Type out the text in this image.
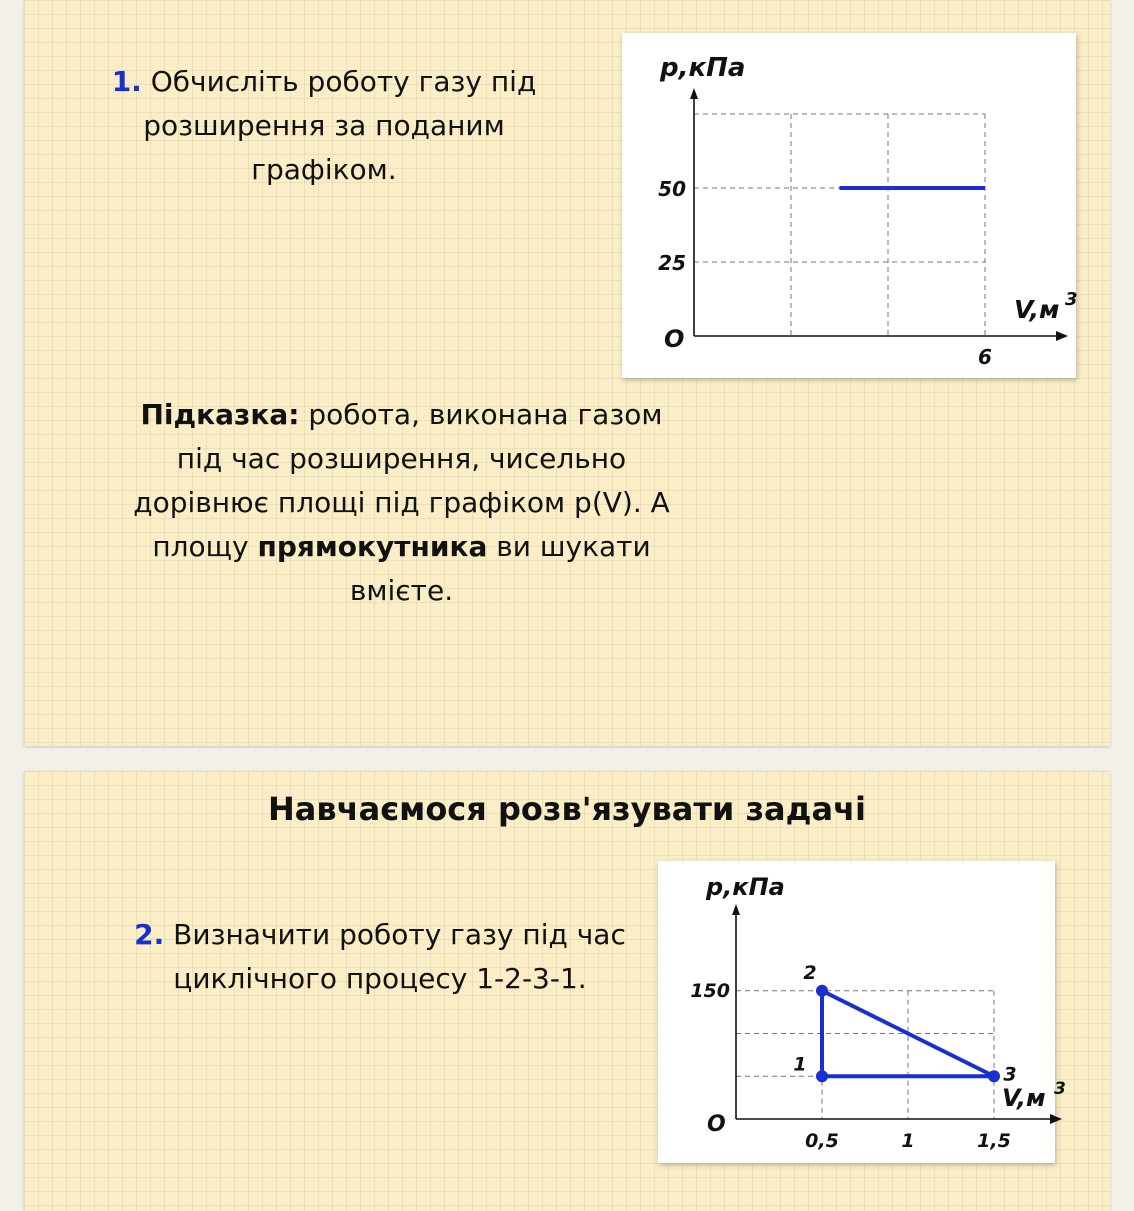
1. Обчисліть роботу газу під розширення за поданим графіком.
p,кПа
V,м 3
O
25
50
6
Підказка: робота, виконана газом під час розширення, чисельно дорівнює площі під графіком p(V). А площу прямокутника ви шукати вмієте.
Навчаємося розв'язувати задачі
p,кПа
V,м 3
O
150
0,5	1	1,5
1
2
3
2. Визначити роботу газу під час циклічного процесу 1-2-3-1.
